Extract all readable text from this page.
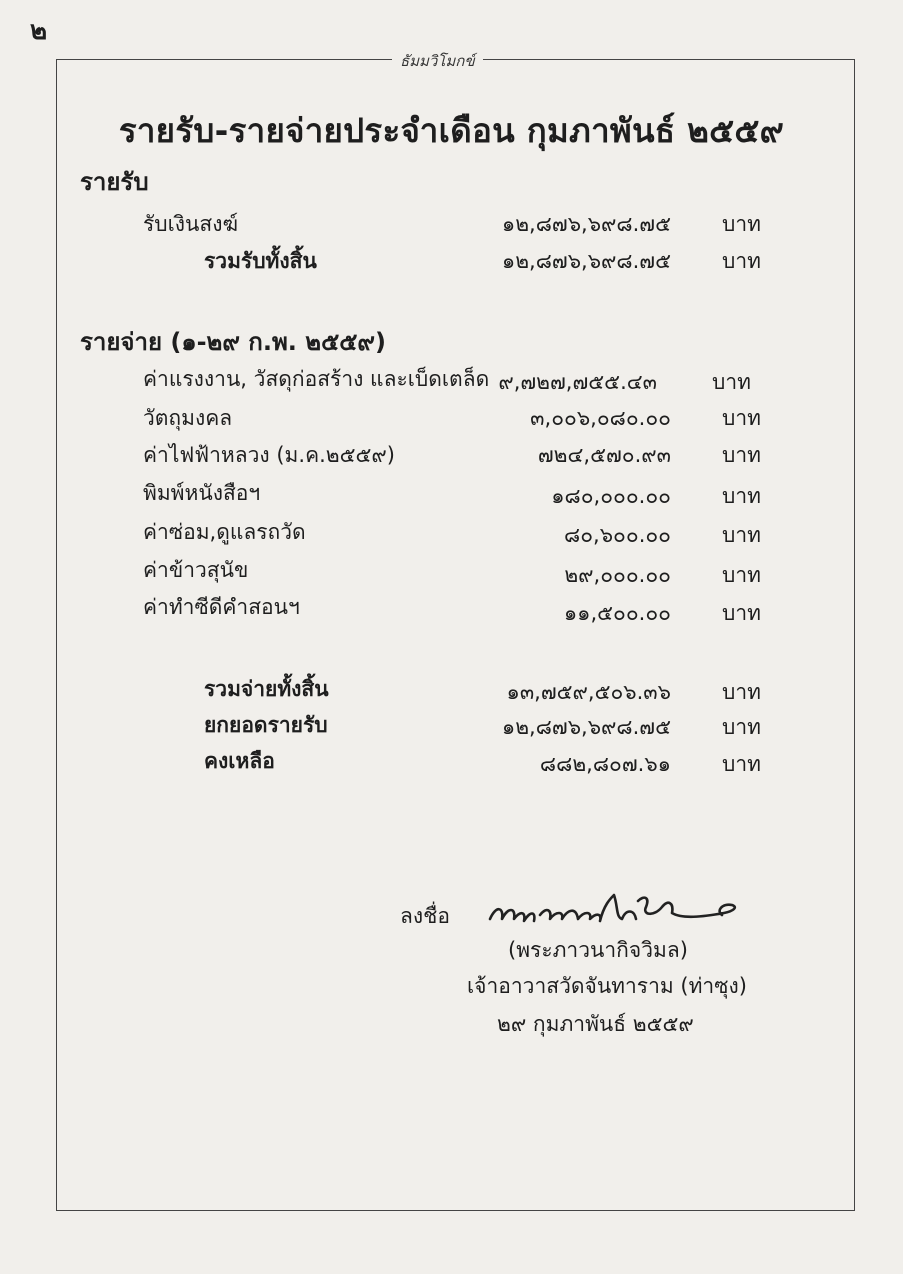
๒
ธัมมวิโมกข์
รายรับ-รายจ่ายประจำเดือน กุมภาพันธ์ ๒๕๕๙
รายรับ
รับเงินสงฆ์	๑๒,๘๗๖,๖๙๘.๗๕ บาท
รวมรับทั้งสิ้น	๑๒,๘๗๖,๖๙๘.๗๕ บาท
รายจ่าย (๑-๒๙ ก.พ. ๒๕๕๙)
ค่าแรงงาน, วัสดุก่อสร้าง และเบ็ดเตล็ด ๙,๗๒๗,๗๕๕.๔๓	บาท
วัตถุมงคล	๓,๐๐๖,๐๘๐.๐๐ บาท
ค่าไฟฟ้าหลวง (ม.ค.๒๕๕๙)	๗๒๔,๕๗๐.๙๓ บาท
พิมพ์หนังสือฯ	๑๘๐,๐๐๐.๐๐ บาท
ค่าซ่อม,ดูแลรถวัด	๘๐,๖๐๐.๐๐ บาท
ค่าข้าวสุนัข	๒๙,๐๐๐.๐๐ บาท
ค่าทำซีดีคำสอนฯ	๑๑,๕๐๐.๐๐ บาท
รวมจ่ายทั้งสิ้น	๑๓,๗๕๙,๕๐๖.๓๖ บาท
ยกยอดรายรับ	๑๒,๘๗๖,๖๙๘.๗๕ บาท
คงเหลือ	๘๘๒,๘๐๗.๖๑ บาท
ลงชื่อ
(พระภาวนากิจวิมล)
เจ้าอาวาสวัดจันทาราม (ท่าซุง)
๒๙ กุมภาพันธ์ ๒๕๕๙
